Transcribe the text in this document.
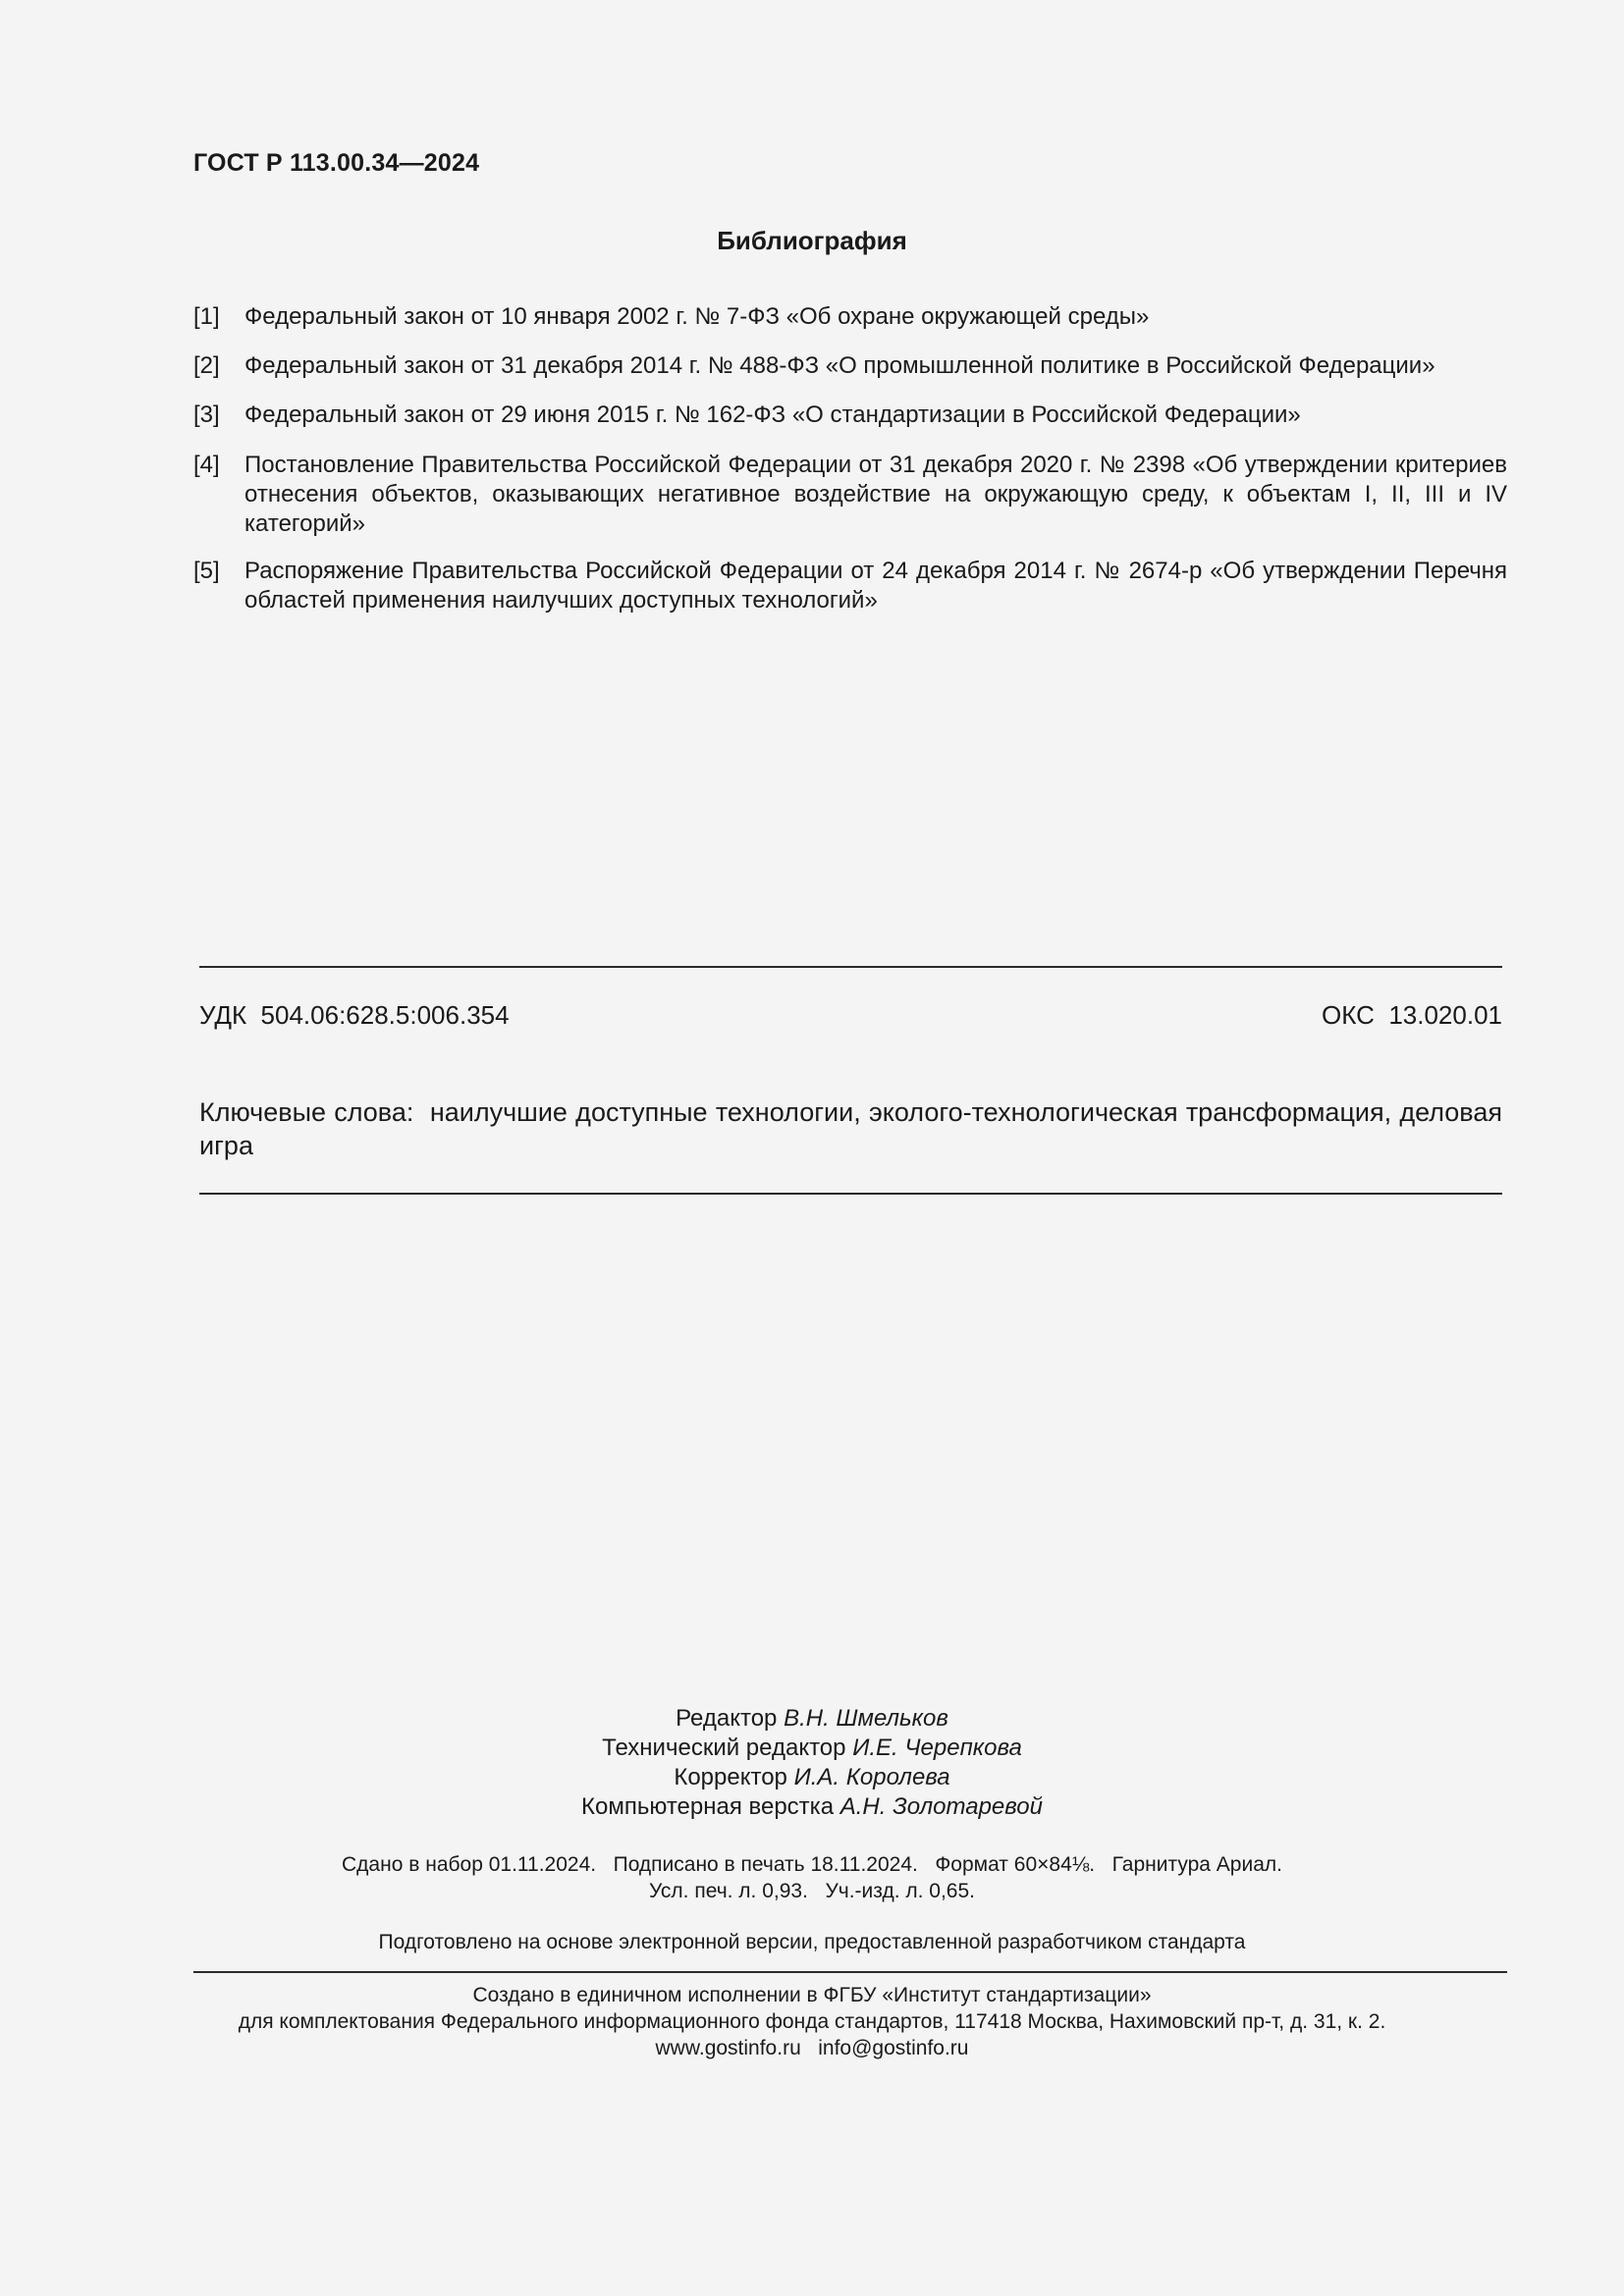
ГОСТ Р 113.00.34—2024
Библиография
[1]	Федеральный закон от 10 января 2002 г. № 7-ФЗ «Об охране окружающей среды»
[2]	Федеральный закон от 31 декабря 2014 г. № 488-ФЗ «О промышленной политике в Российской Федерации»
[3]	Федеральный закон от 29 июня 2015 г. № 162-ФЗ «О стандартизации в Российской Федерации»
[4]	Постановление Правительства Российской Федерации от 31 декабря 2020 г. № 2398 «Об утверждении критериев отнесения объектов, оказывающих негативное воздействие на окружающую среду, к объектам I, II, III и IV категорий»
[5]	Распоряжение Правительства Российской Федерации от 24 декабря 2014 г. № 2674-р «Об утверждении Перечня областей применения наилучших доступных технологий»
УДК  504.06:628.5:006.354	ОКС  13.020.01
Ключевые слова:  наилучшие доступные технологии, эколого-технологическая трансформация, деловая игра
Редактор В.Н. Шмельков
Технический редактор И.Е. Черепкова
Корректор И.А. Королева
Компьютерная верстка А.Н. Золотаревой
Сдано в набор 01.11.2024.   Подписано в печать 18.11.2024.   Формат 60×84⅛.   Гарнитура Ариал.
Усл. печ. л. 0,93.   Уч.-изд. л. 0,65.
Подготовлено на основе электронной версии, предоставленной разработчиком стандарта
Создано в единичном исполнении в ФГБУ «Институт стандартизации»
для комплектования Федерального информационного фонда стандартов, 117418 Москва, Нахимовский пр-т, д. 31, к. 2.
www.gostinfo.ru   info@gostinfo.ru
